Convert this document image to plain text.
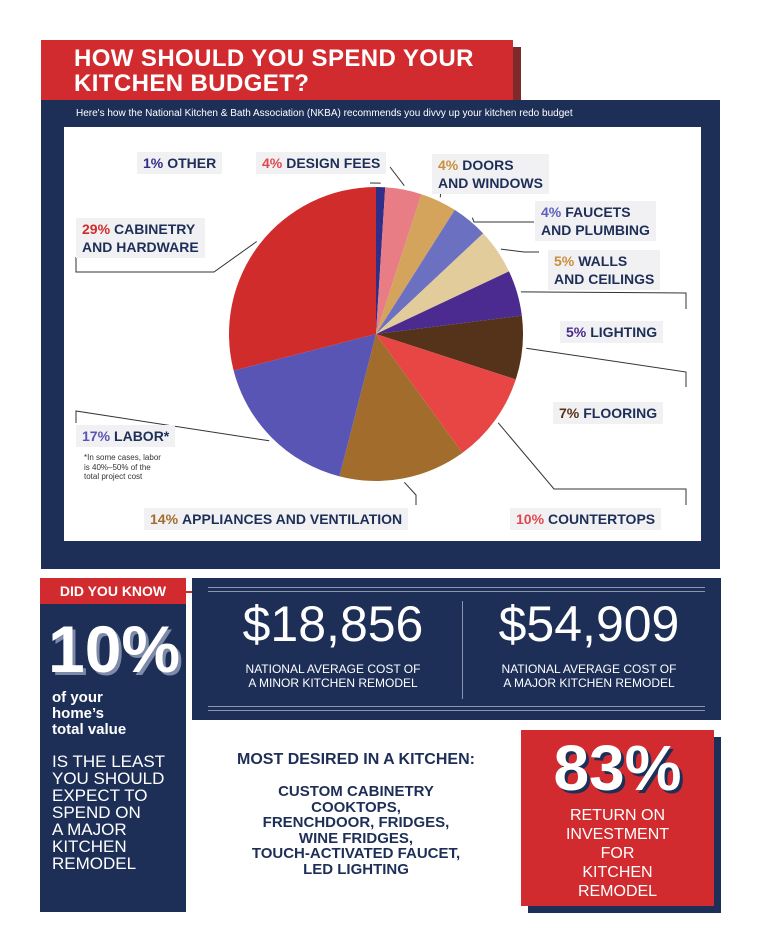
HOW SHOULD YOU SPEND YOUR KITCHEN BUDGET?
Here's how the National Kitchen & Bath Association (NKBA) recommends you divvy up your kitchen redo budget
1% OTHER	4% DESIGN FEES	4% DOORS
AND WINDOWS
4% FAUCETS
AND PLUMBING
5% WALLS
AND CEILINGS
5% LIGHTING
7% FLOORING
10% COUNTERTOPS
14% APPLIANCES AND VENTILATION
17% LABOR*
*In some cases, labor
is 40%–50% of the
total project cost
29% CABINETRY
AND HARDWARE
DID YOU KNOW
10%
of your
home’s
total value
IS THE LEAST
YOU SHOULD
EXPECT TO
SPEND ON
A MAJOR
KITCHEN
REMODEL
$18,856
NATIONAL AVERAGE COST OF
A MINOR KITCHEN REMODEL
$54,909
NATIONAL AVERAGE COST OF
A MAJOR KITCHEN REMODEL
MOST DESIRED IN A KITCHEN:
CUSTOM CABINETRY
COOKTOPS,
FRENCHDOOR, FRIDGES,
WINE FRIDGES,
TOUCH-ACTIVATED FAUCET,
LED LIGHTING
83%
RETURN ON
INVESTMENT
FOR
KITCHEN
REMODEL
